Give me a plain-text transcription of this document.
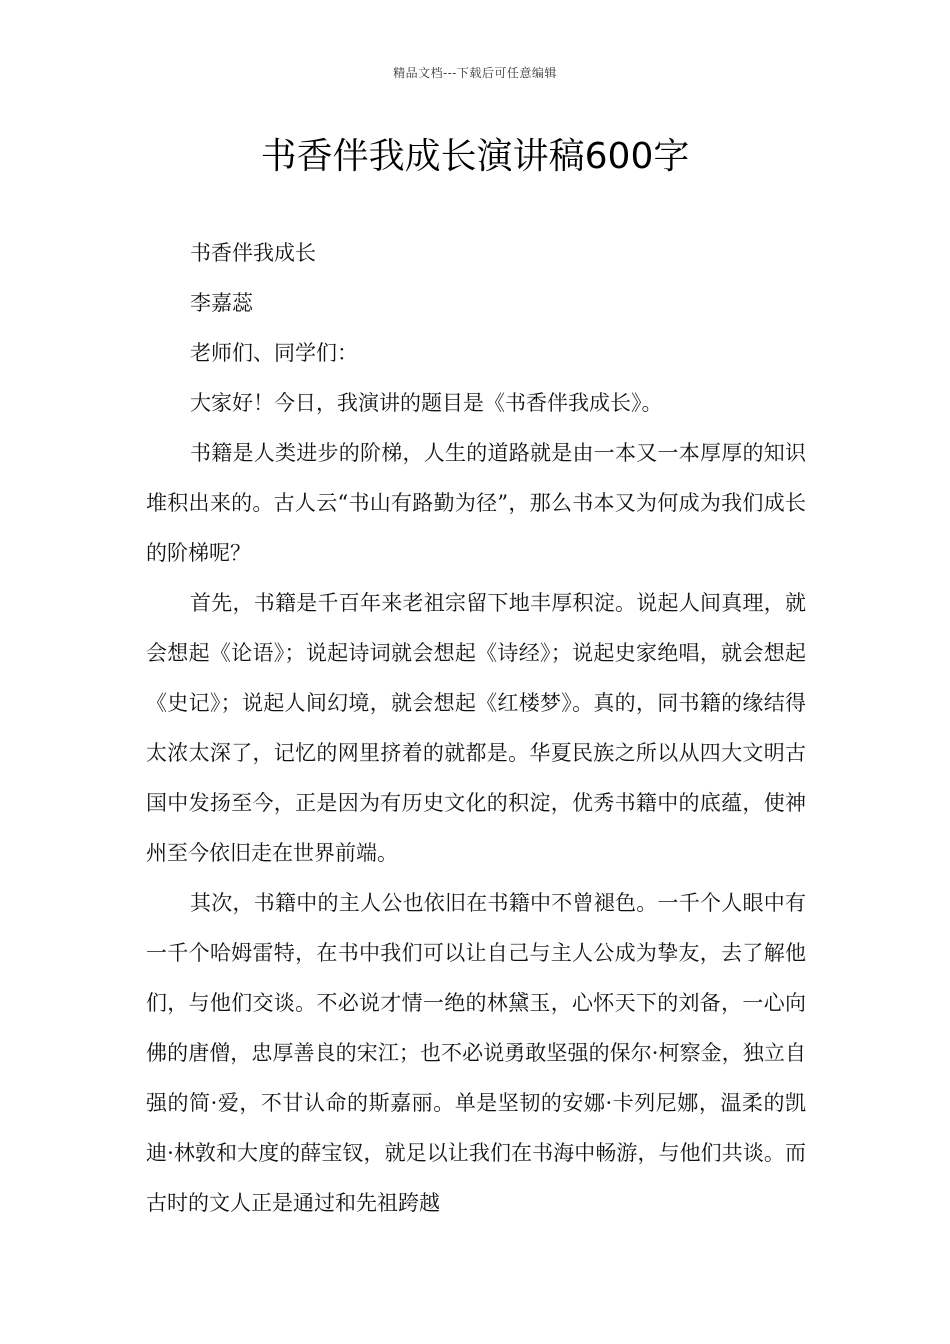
精品文档---下载后可任意编辑
书香伴我成长演讲稿600字

书香伴我成长

李嘉蕊

老师们、同学们：

大家好！今日，我演讲的题目是《书香伴我成长》。

书籍是人类进步的阶梯，人生的道路就是由一本又一本厚厚的知识堆积出来的。古人云“书山有路勤为径”，那么书本又为何成为我们成长的阶梯呢？

首先，书籍是千百年来老祖宗留下地丰厚积淀。说起人间真理，就会想起《论语》；说起诗词就会想起《诗经》；说起史家绝唱，就会想起《史记》；说起人间幻境，就会想起《红楼梦》。真的，同书籍的缘结得太浓太深了，记忆的网里挤着的就都是。华夏民族之所以从四大文明古国中发扬至今，正是因为有历史文化的积淀，优秀书籍中的底蕴，使神州至今依旧走在世界前端。

其次，书籍中的主人公也依旧在书籍中不曾褪色。一千个人眼中有一千个哈姆雷特，在书中我们可以让自己与主人公成为挚友，去了解他们，与他们交谈。不必说才情一绝的林黛玉，心怀天下的刘备，一心向佛的唐僧，忠厚善良的宋江；也不必说勇敢坚强的保尔·柯察金，独立自强的简·爱，不甘认命的斯嘉丽。单是坚韧的安娜·卡列尼娜，温柔的凯迪·林敦和大度的薛宝钗，就足以让我们在书海中畅游，与他们共谈。而古时的文人正是通过和先祖跨越
